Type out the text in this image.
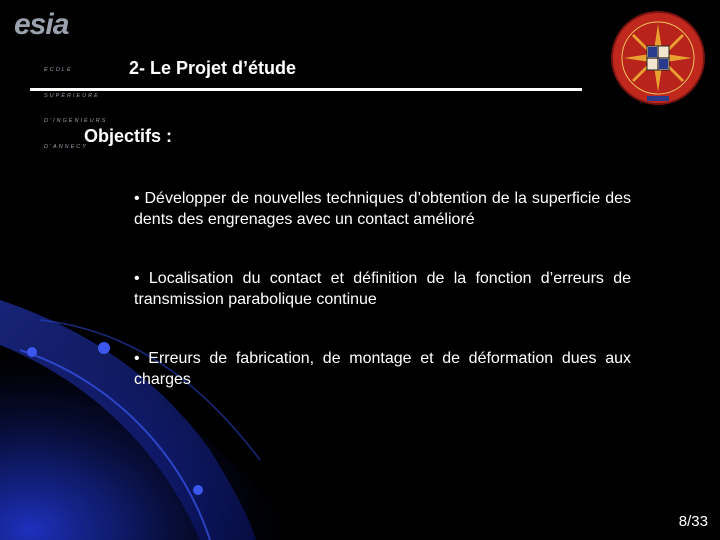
esia

ÉCOLE

SUPÉRIEURE

D'INGÉNIEURS

D'ANNECY

2- Le Projet d’étude
Objectifs :
• Développer de nouvelles techniques d’obtention de la superficie des dents des engrenages avec un contact amélioré
• Localisation du contact et définition de la fonction d’erreurs de transmission parabolique continue
• Erreurs de fabrication, de montage et de déformation dues aux charges
8/33
